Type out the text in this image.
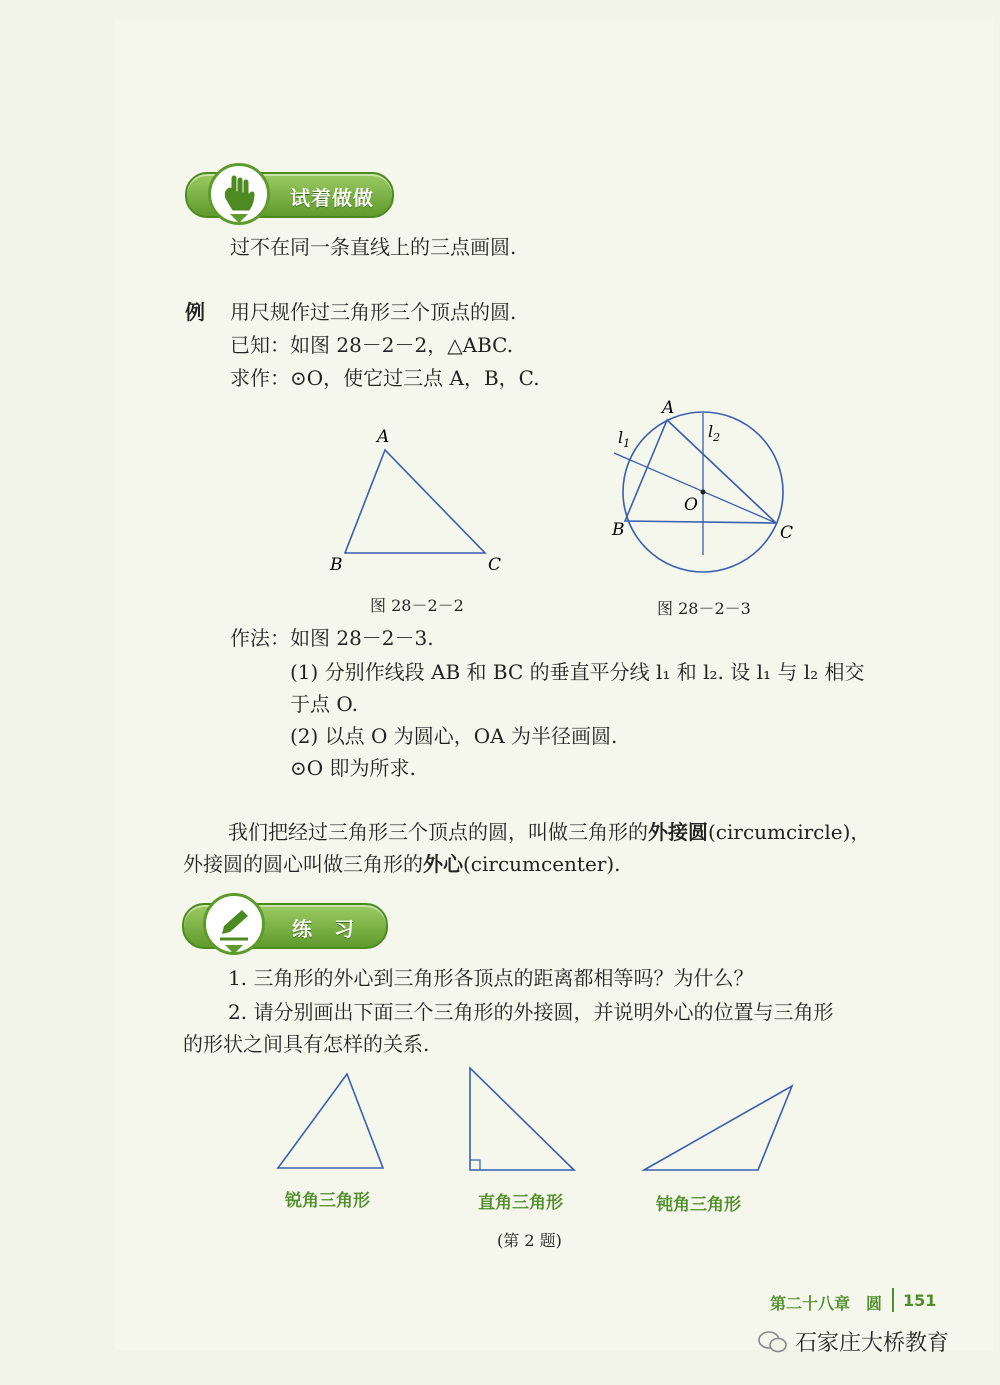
试着做做
过不在同一条直线上的三点画圆.
例 用尺规作过三角形三个顶点的圆.
已知：如图 28－2－2，△ABC.
求作：⊙O，使它过三点 A，B，C.
A
B	C
图 28－2－2
A
B	C
O
$l_1$
$l_2$
图 28－2－3
作法：如图 28－2－3.
(1) 分别作线段 AB 和 BC 的垂直平分线 l₁ 和 l₂. 设 l₁ 与 l₂ 相交
于点 O.
(2) 以点 O 为圆心，OA 为半径画圆.
⊙O 即为所求.
我们把经过三角形三个顶点的圆，叫做三角形的外接圆(circumcircle)，
外接圆的圆心叫做三角形的外心(circumcenter).
练　习
1. 三角形的外心到三角形各顶点的距离都相等吗？为什么？
2. 请分别画出下面三个三角形的外接圆，并说明外心的位置与三角形
的形状之间具有怎样的关系.
锐角三角形	直角三角形	钝角三角形
(第 2 题)
第二十八章　圆 151
石家庄大桥教育
